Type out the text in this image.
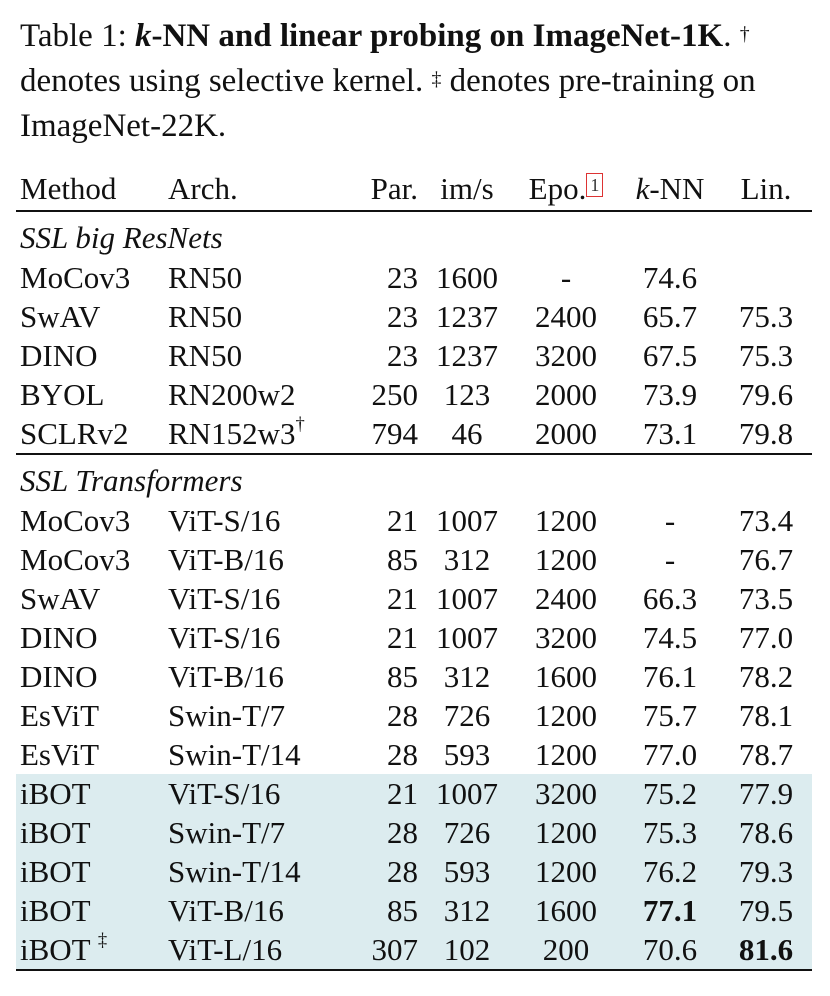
Table 1: k-NN and linear probing on ImageNet-1K. † denotes using selective kernel. ‡ denotes pre-training on ImageNet-22K.
Method	Arch.	Par.	im/s	Epo. 1	k-NN	Lin.
SSL big ResNets						
MoCov3	RN50	23	1600	-	74.6	
SwAV	RN50	23	1237	2400	65.7	75.3
DINO	RN50	23	1237	3200	67.5	75.3
BYOL	RN200w2	250	123	2000	73.9	79.6
SCLRv2	RN152w3†	794	46	2000	73.1	79.8
SSL Transformers						
MoCov3	ViT-S/16	21	1007	1200	-	73.4
MoCov3	ViT-B/16	85	312	1200	-	76.7
SwAV	ViT-S/16	21	1007	2400	66.3	73.5
DINO	ViT-S/16	21	1007	3200	74.5	77.0
DINO	ViT-B/16	85	312	1600	76.1	78.2
EsViT	Swin-T/7	28	726	1200	75.7	78.1
EsViT	Swin-T/14	28	593	1200	77.0	78.7
iBOT	ViT-S/16	21	1007	3200	75.2	77.9
iBOT	Swin-T/7	28	726	1200	75.3	78.6
iBOT	Swin-T/14	28	593	1200	76.2	79.3
iBOT	ViT-B/16	85	312	1600	77.1	79.5
iBOT ‡	ViT-L/16	307	102	200	70.6	81.6
